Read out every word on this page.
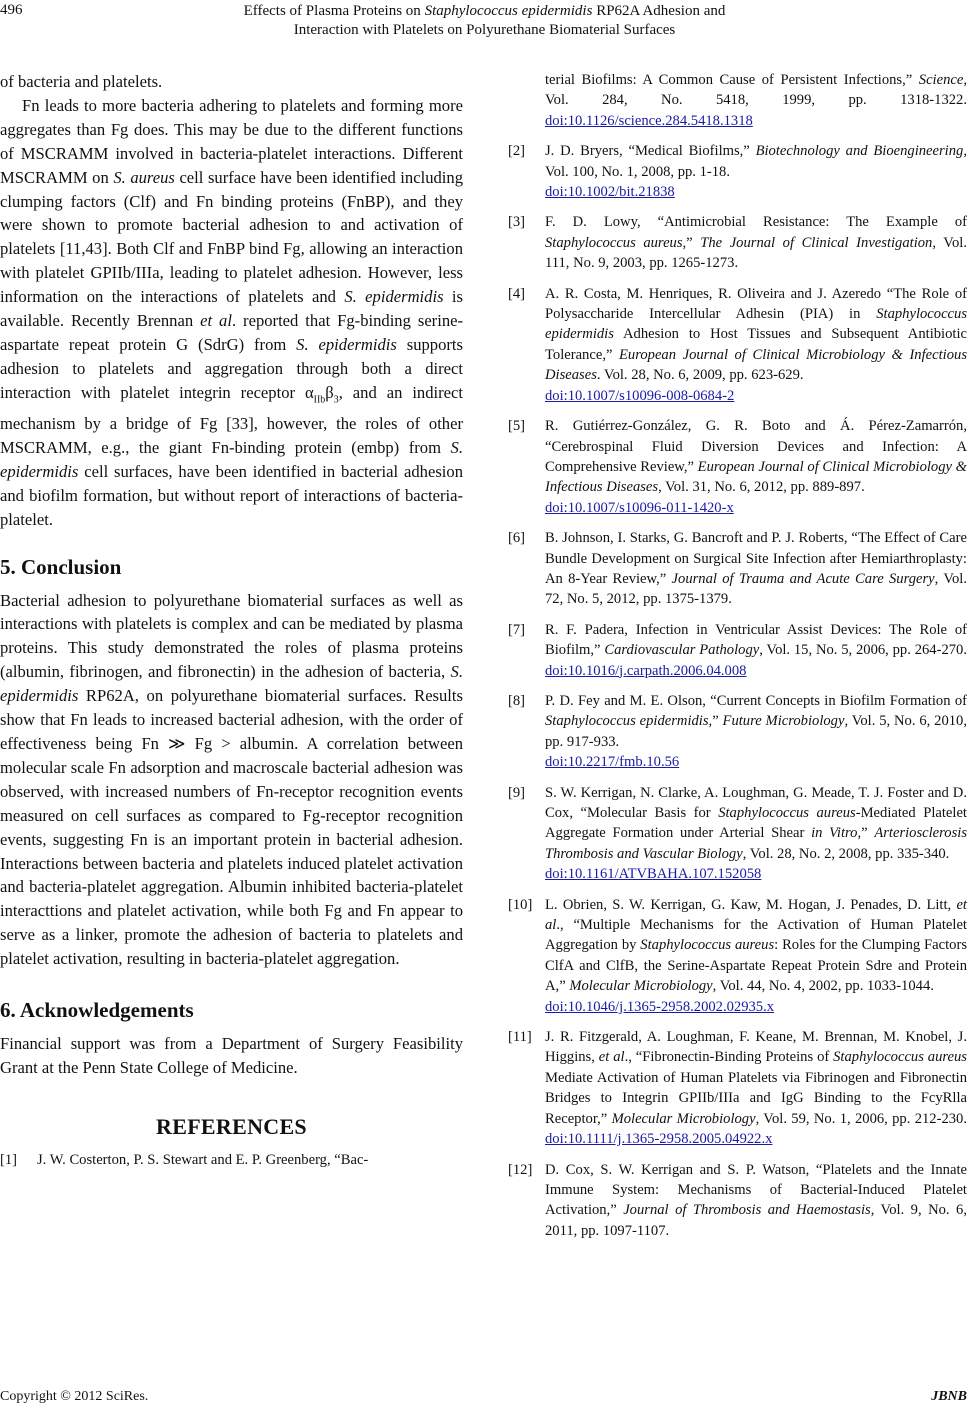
496	Effects of Plasma Proteins on Staphylococcus epidermidis RP62A Adhesion and
Interaction with Platelets on Polyurethane Biomaterial Surfaces

of bacteria and platelets.

Fn leads to more bacteria adhering to platelets and forming more aggregates than Fg does. This may be due to the different functions of MSCRAMM involved in bacteria-platelet interactions. Different MSCRAMM on S. aureus cell surface have been identified including clumping factors (Clf) and Fn binding proteins (FnBP), and they were shown to promote bacterial adhesion to and activation of platelets [11,43]. Both Clf and FnBP bind Fg, allowing an interaction with platelet GPIIb/IIIa, leading to platelet adhesion. However, less information on the interactions of platelets and S. epidermidis is available. Recently Brennan et al. reported that Fg-binding serine-aspartate repeat protein G (SdrG) from S. epidermidis supports adhesion to platelets and aggregation through both a direct interaction with platelet integrin receptor $\alpha_{IIb}\beta_3$, and an indirect mechanism by a bridge of Fg [33], however, the roles of other MSCRAMM, e.g., the giant Fn-binding protein (embp) from S. epidermidis cell surfaces, have been identified in bacterial adhesion and biofilm formation, but without report of interactions of bacteria-platelet.

5. Conclusion

Bacterial adhesion to polyurethane biomaterial surfaces as well as interactions with platelets is complex and can be mediated by plasma proteins. This study demonstrated the roles of plasma proteins (albumin, fibrinogen, and fibronectin) in the adhesion of bacteria, S. epidermidis RP62A, on polyurethane biomaterial surfaces. Results show that Fn leads to increased bacterial adhesion, with the order of effectiveness being Fn ≫ Fg > albumin. A correlation between molecular scale Fn adsorption and macroscale bacterial adhesion was observed, with increased numbers of Fn-receptor recognition events measured on cell surfaces as compared to Fg-receptor recognition events, suggesting Fn is an important protein in bacterial adhesion. Interactions between bacteria and platelets induced platelet activation and bacteria-platelet aggregation. Albumin inhibited bacteria-platelet interacttions and platelet activation, while both Fg and Fn appear to serve as a linker, promote the adhesion of bacteria to platelets and platelet activation, resulting in bacteria-platelet aggregation.

6. Acknowledgements

Financial support was from a Department of Surgery Feasibility Grant at the Penn State College of Medicine.

REFERENCES
[1] J. W. Costerton, P. S. Stewart and E. P. Greenberg, “Bac-
terial Biofilms: A Common Cause of Persistent Infections,” Science, Vol. 284, No. 5418, 1999, pp. 1318-1322. doi:10.1126/science.284.5418.1318
[2] J. D. Bryers, “Medical Biofilms,” Biotechnology and Bioengineering, Vol. 100, No. 1, 2008, pp. 1-18.
doi:10.1002/bit.21838
[3] F. D. Lowy, “Antimicrobial Resistance: The Example of Staphylococcus aureus,” The Journal of Clinical Investigation, Vol. 111, No. 9, 2003, pp. 1265-1273.
[4] A. R. Costa, M. Henriques, R. Oliveira and J. Azeredo “The Role of Polysaccharide Intercellular Adhesin (PIA) in Staphylococcus epidermidis Adhesion to Host Tissues and Subsequent Antibiotic Tolerance,” European Journal of Clinical Microbiology & Infectious Diseases. Vol. 28, No. 6, 2009, pp. 623-629.
doi:10.1007/s10096-008-0684-2
[5] R. Gutiérrez-González, G. R. Boto and Á. Pérez-Zamarrón, “Cerebrospinal Fluid Diversion Devices and Infection: A Comprehensive Review,” European Journal of Clinical Microbiology & Infectious Diseases, Vol. 31, No. 6, 2012, pp. 889-897.
doi:10.1007/s10096-011-1420-x
[6] B. Johnson, I. Starks, G. Bancroft and P. J. Roberts, “The Effect of Care Bundle Development on Surgical Site Infection after Hemiarthroplasty: An 8-Year Review,” Journal of Trauma and Acute Care Surgery, Vol. 72, No. 5, 2012, pp. 1375-1379.
[7] R. F. Padera, Infection in Ventricular Assist Devices: The Role of Biofilm,” Cardiovascular Pathology, Vol. 15, No. 5, 2006, pp. 264-270. doi:10.1016/j.carpath.2006.04.008
[8] P. D. Fey and M. E. Olson, “Current Concepts in Biofilm Formation of Staphylococcus epidermidis,” Future Microbiology, Vol. 5, No. 6, 2010, pp. 917-933.
doi:10.2217/fmb.10.56
[9] S. W. Kerrigan, N. Clarke, A. Loughman, G. Meade, T. J. Foster and D. Cox, “Molecular Basis for Staphylococcus aureus-Mediated Platelet Aggregate Formation under Arterial Shear in Vitro,” Arteriosclerosis Thrombosis and Vascular Biology, Vol. 28, No. 2, 2008, pp. 335-340.
doi:10.1161/ATVBAHA.107.152058
[10] L. Obrien, S. W. Kerrigan, G. Kaw, M. Hogan, J. Penades, D. Litt, et al., “Multiple Mechanisms for the Activation of Human Platelet Aggregation by Staphylococcus aureus: Roles for the Clumping Factors ClfA and ClfB, the Serine-Aspartate Repeat Protein Sdre and Protein A,” Molecular Microbiology, Vol. 44, No. 4, 2002, pp. 1033-1044.
doi:10.1046/j.1365-2958.2002.02935.x
[11] J. R. Fitzgerald, A. Loughman, F. Keane, M. Brennan, M. Knobel, J. Higgins, et al., “Fibronectin-Binding Proteins of Staphylococcus aureus Mediate Activation of Human Platelets via Fibrinogen and Fibronectin Bridges to Integrin GPIIb/IIIa and IgG Binding to the FcyRlla Receptor,” Molecular Microbiology, Vol. 59, No. 1, 2006, pp. 212-230. doi:10.1111/j.1365-2958.2005.04922.x
[12] D. Cox, S. W. Kerrigan and S. P. Watson, “Platelets and the Innate Immune System: Mechanisms of Bacterial-Induced Platelet Activation,” Journal of Thrombosis and Haemostasis, Vol. 9, No. 6, 2011, pp. 1097-1107.
Copyright © 2012 SciRes.	JBNB
